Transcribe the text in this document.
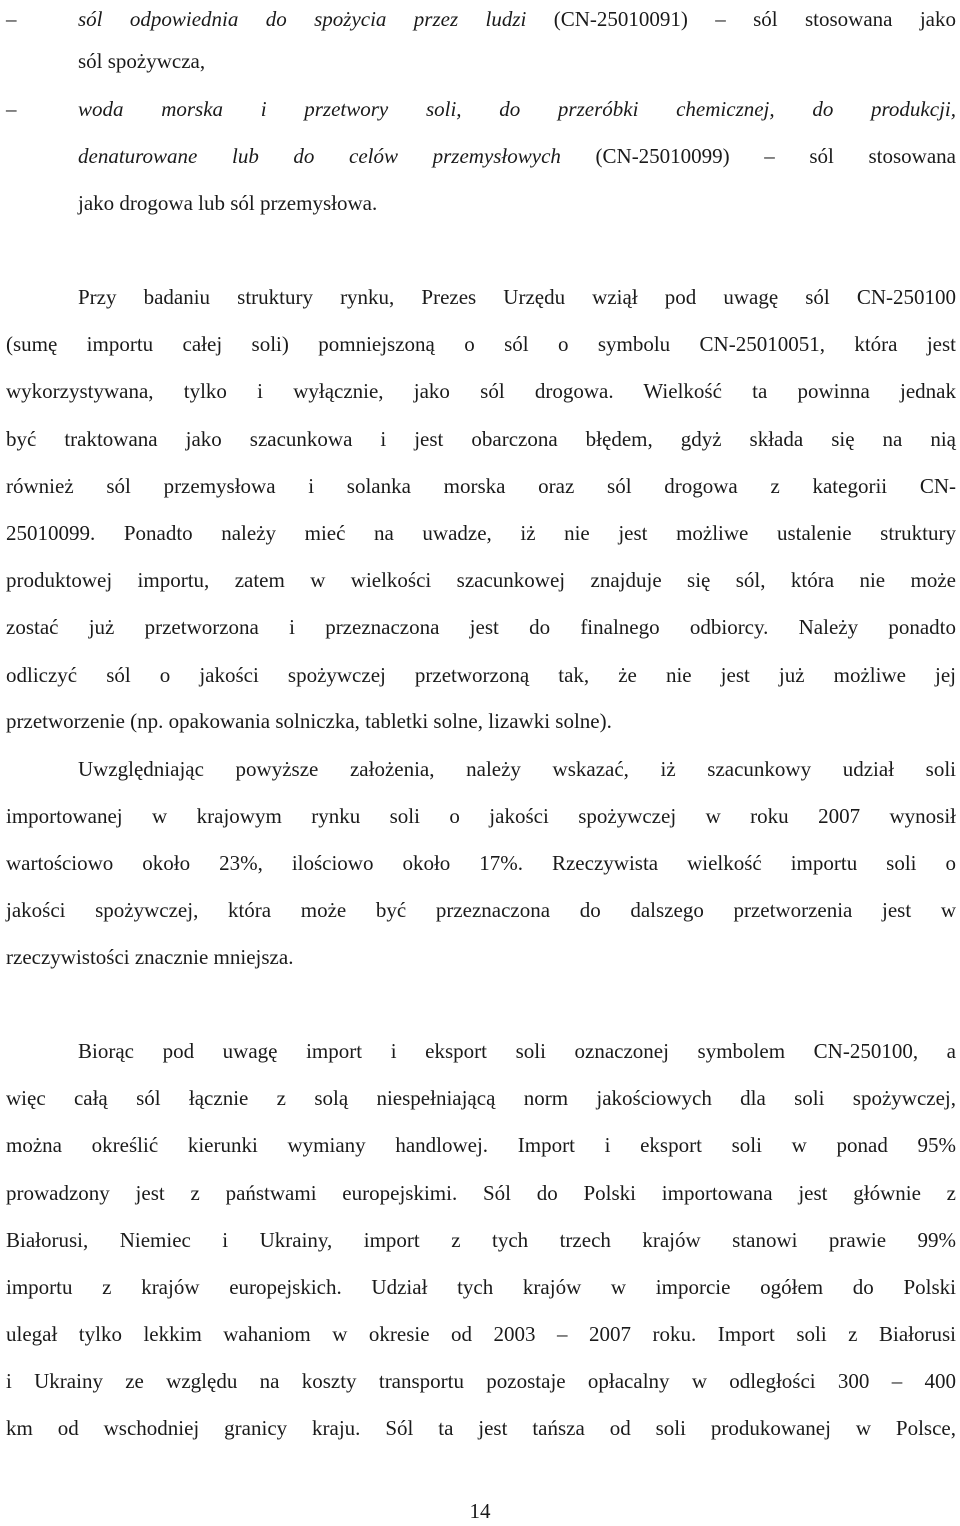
–	sól odpowiednia do spożycia przez ludzi (CN-25010091) – sól stosowana jako
sól spożywcza,
–	woda morska i przetwory soli, do przeróbki chemicznej, do produkcji,
denaturowane lub do celów przemysłowych (CN-25010099) – sól stosowana
jako drogowa lub sól przemysłowa.
Przy badaniu struktury rynku, Prezes Urzędu wziął pod uwagę sól CN-250100
(sumę importu całej soli) pomniejszoną o sól o symbolu CN-25010051, która jest
wykorzystywana, tylko i wyłącznie, jako sól drogowa. Wielkość ta powinna jednak
być traktowana jako szacunkowa i jest obarczona błędem, gdyż składa się na nią
również sól przemysłowa i solanka morska oraz sól drogowa z kategorii CN-
25010099. Ponadto należy mieć na uwadze, iż nie jest możliwe ustalenie struktury
produktowej importu, zatem w wielkości szacunkowej znajduje się sól, która nie może
zostać już przetworzona i przeznaczona jest do finalnego odbiorcy. Należy ponadto
odliczyć sól o jakości spożywczej przetworzoną tak, że nie jest już możliwe jej
przetworzenie (np. opakowania solniczka, tabletki solne, lizawki solne).
Uwzględniając powyższe założenia, należy wskazać, iż szacunkowy udział soli
importowanej w krajowym rynku soli o jakości spożywczej w roku 2007 wynosił
wartościowo około 23%, ilościowo około 17%. Rzeczywista wielkość importu soli o
jakości spożywczej, która może być przeznaczona do dalszego przetworzenia jest w
rzeczywistości znacznie mniejsza.
Biorąc pod uwagę import i eksport soli oznaczonej symbolem CN-250100, a
więc całą sól łącznie z solą niespełniającą norm jakościowych dla soli spożywczej,
można określić kierunki wymiany handlowej. Import i eksport soli w ponad 95%
prowadzony jest z państwami europejskimi. Sól do Polski importowana jest głównie z
Białorusi, Niemiec i Ukrainy, import z tych trzech krajów stanowi prawie 99%
importu z krajów europejskich. Udział tych krajów w imporcie ogółem do Polski
ulegał tylko lekkim wahaniom w okresie od 2003 – 2007 roku. Import soli z Białorusi
i Ukrainy ze względu na koszty transportu pozostaje opłacalny w odległości 300 – 400
km od wschodniej granicy kraju. Sól ta jest tańsza od soli produkowanej w Polsce,
14
